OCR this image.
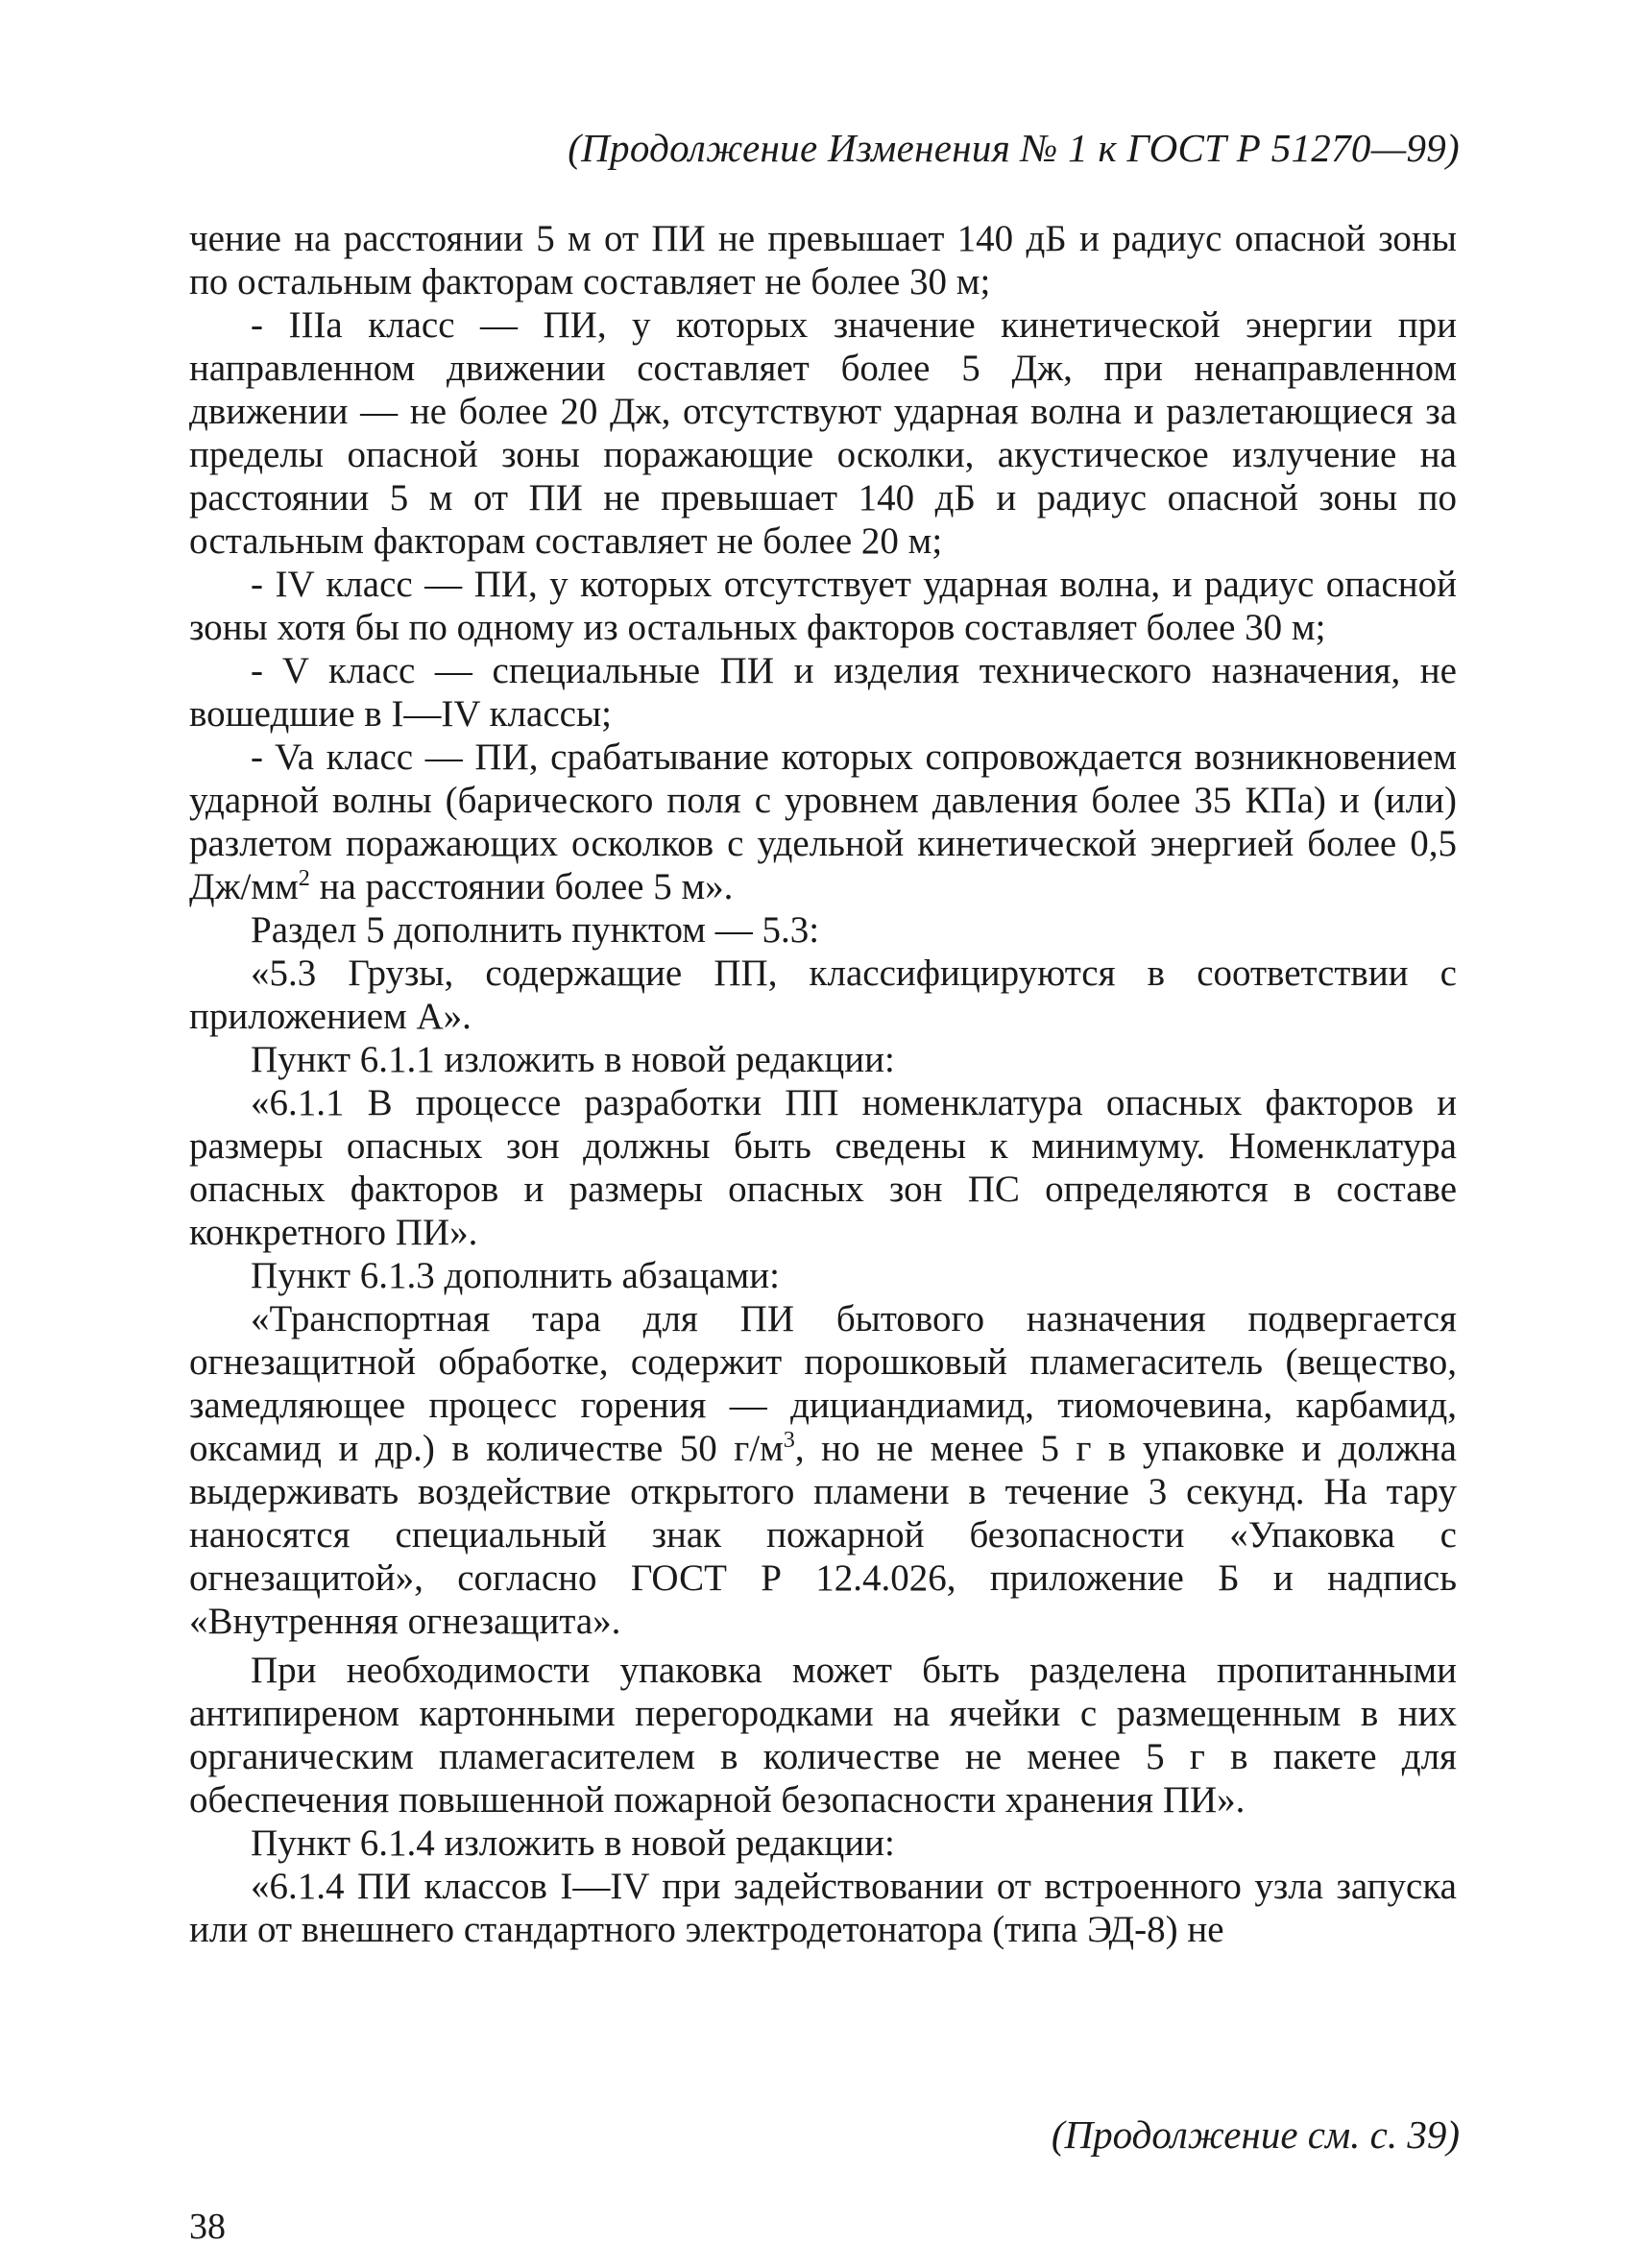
(Продолжение Изменения № 1 к ГОСТ Р 51270—99)

чение на расстоянии 5 м от ПИ не превышает 140 дБ и радиус опасной зоны по остальным факторам составляет не более 30 м;

- IIIa класс — ПИ, у которых значение кинетической энергии при направленном движении составляет более 5 Дж, при ненаправленном движении — не более 20 Дж, отсутствуют ударная волна и разлетающиеся за пределы опасной зоны поражающие осколки, акустическое излучение на расстоянии 5 м от ПИ не превышает 140 дБ и радиус опасной зоны по остальным факторам составляет не более 20 м;

- IV класс — ПИ, у которых отсутствует ударная волна, и радиус опасной зоны хотя бы по одному из остальных факторов составляет более 30 м;

- V класс — специальные ПИ и изделия технического назначения, не вошедшие в I—IV классы;

- Va класс — ПИ, срабатывание которых сопровождается возникновением ударной волны (барического поля с уровнем давления более 35 КПа) и (или) разлетом поражающих осколков с удельной кинетической энергией более 0,5 $Дж/мм^2$ на расстоянии более 5 м».

Раздел 5 дополнить пунктом — 5.3:

«5.3 Грузы, содержащие ПП, классифицируются в соответствии с приложением А».

Пункт 6.1.1 изложить в новой редакции:

«6.1.1 В процессе разработки ПП номенклатура опасных факторов и размеры опасных зон должны быть сведены к минимуму. Номенклатура опасных факторов и размеры опасных зон ПС определяются в составе конкретного ПИ».

Пункт 6.1.3 дополнить абзацами:

«Транспортная тара для ПИ бытового назначения подвергается огнезащитной обработке, содержит порошковый пламегаситель (вещество, замедляющее процесс горения — дициандиамид, тиомочевина, карбамид, оксамид и др.) в количестве 50 $г/м^3$, но не менее 5 г в упаковке и должна выдерживать воздействие открытого пламени в течение 3 секунд. На тару наносятся специальный знак пожарной безопасности «Упаковка с огнезащитой», согласно ГОСТ Р 12.4.026, приложение Б и надпись «Внутренняя огнезащита».

При необходимости упаковка может быть разделена пропитанными антипиреном картонными перегородками на ячейки с размещенным в них органическим пламегасителем в количестве не менее 5 г в пакете для обеспечения повышенной пожарной безопасности хранения ПИ».

Пункт 6.1.4 изложить в новой редакции:

«6.1.4 ПИ классов I—IV при задействовании от встроенного узла запуска или от внешнего стандартного электродетонатора (типа ЭД-8) не

(Продолжение см. с. 39)
38
